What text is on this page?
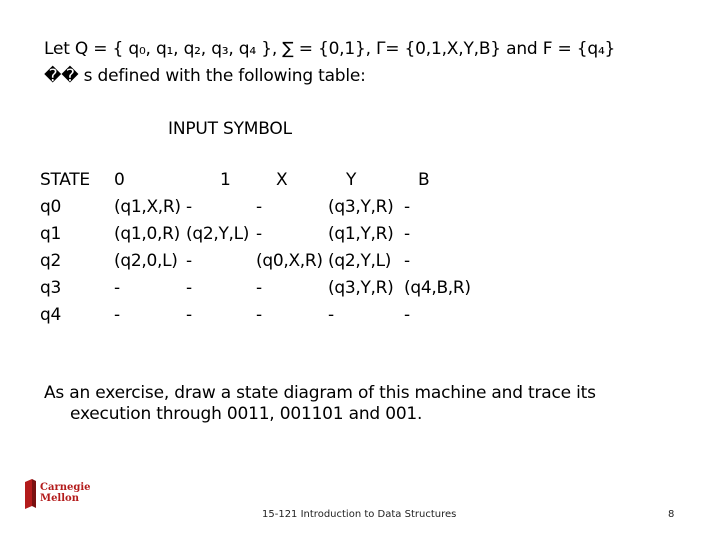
Let Q = { q₀, q₁, q₂, q₃, q₄ }, ∑ = {0,1}, Γ= {0,1,X,Y,B} and F = {q₄}
�� s defined with the following table:
INPUT SYMBOL
STATE	0	1	X	Y	B
q0	(q1,X,R)	-	-	(q3,Y,R)	-
q1	(q1,0,R)	(q2,Y,L)	-	(q1,Y,R)	-
q2	(q2,0,L)	-	(q0,X,R)	(q2,Y,L)	-
q3	-	-	-	(q3,Y,R)	(q4,B,R)
q4	-	-	-	-	-
As an exercise, draw a state diagram of this machine and trace its
execution through 0011, 001101 and 001.
Carnegie
Mellon
15-121 Introduction to Data Structures	8
